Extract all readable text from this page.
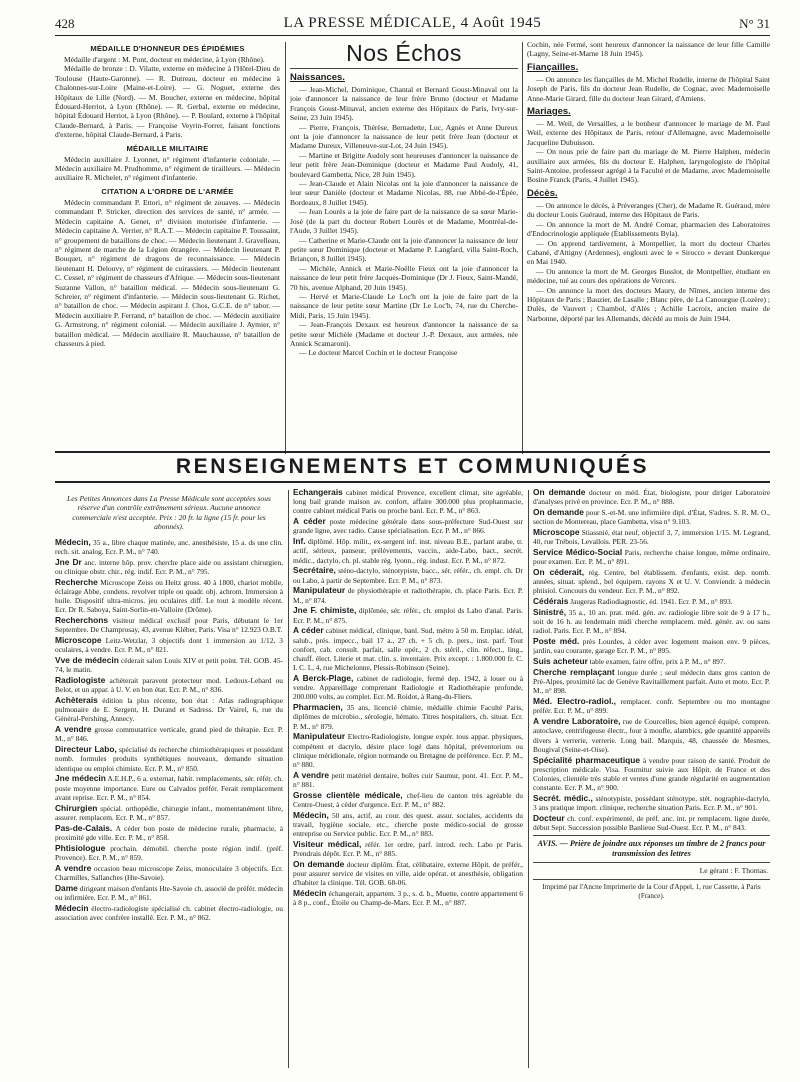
428	LA PRESSE MÉDICALE, 4 Août 1945	N° 31
MÉDAILLE D'HONNEUR DES ÉPIDÉMIES

Médaille d'argent : M. Pont, docteur en médecine, à Lyon (Rhône).

Médaille de bronze : D. Vilatte, externe en médecine à l'Hôtel-Dieu de Toulouse (Haute-Garonne). — R. Dutreau, docteur en médecine à Chalonnes-sur-Loire (Maine-et-Loire). — G. Noguet, externe des Hôpitaux de Lille (Nord). — M. Boucher, externe en médecine, hôpital Édouard-Herriot, à Lyon (Rhône). — R. Gerbal, externe en médecine, hôpital Édouard Herriot, à Lyon (Rhône). — P. Boulard, externe à l'hôpital Claude-Bernard, à Paris. — Françoise Veyrin-Forrer, faisant fonctions d'externe, hôpital Claude-Bernard, à Paris.

MÉDAILLE MILITAIRE

Médecin auxiliaire J. Lyonnet, n° régiment d'infanterie coloniale. — Médecin auxiliaire M. Prudhomme, n° régiment de tirailleurs. — Médecin auxiliaire R. Michelet, n° régiment d'infanterie.

CITATION A L'ORDRE DE L'ARMÉE

Médecin commandant P. Ettori, n° régiment de zouaves. — Médecin commandant P. Stricker, direction des services de santé, n° armée. — Médecin capitaine A. Genet, n° division motorisée d'infanterie. — Médecin capitaine A. Verrier, n° R.A.T. — Médecin capitaine P. Toussaint, n° groupement de bataillons de choc. — Médecin lieutenant J. Gravelleau, n° régiment de marche de la Légion étrangère. — Médecin lieutenant P. Bouquet, n° régiment de dragons de reconnaissance. — Médecin lieutenant H. Delouvy, n° régiment de cuirassiers. — Médecin lieutenant C. Cessel, n° régiment de chasseurs d'Afrique. — Médecin sous-lieutenant Suzanne Vallon, n° bataillon médical. — Médecin sous-lieutenant G. Schreier, n° régiment d'infanterie. — Médecin sous-lieutenant G. Richet, n° bataillon de choc. — Médecin aspirant J. Chos, G.C.E. de n° tabor. — Médecin auxiliaire P. Ferrand, n° bataillon de choc. — Médecin auxiliaire G. Armstrong, n° régiment colonial. — Médecin auxiliaire J. Aymier, n° bataillon médical. — Médecin auxiliaire R. Mauchausse, n° bataillon de chasseurs à pied.

Nos Échos
Naissances.

— Jean-Michel, Dominique, Chantal et Bernard Goust-Minaval ont la joie d'annoncer la naissance de leur frère Bruno (docteur et Madame François Goust-Minaval, ancien externe des Hôpitaux de Paris, Ivry-sur-Seine, 23 Juin 1945).

— Pierre, François, Thérèse, Bernadette, Luc, Agnès et Anne Dureux ont la joie d'annoncer la naissance de leur petit frère Jean (docteur et Madame Dureux, Villeneuve-sur-Lot, 24 Juin 1945).

— Martine et Brigitte Audoly sont heureuses d'annoncer la naissance de leur petit frère Jean-Dominique (docteur et Madame Paul Audoly, 41, boulevard Gambetta, Nice, 28 Juin 1945).

— Jean-Claude et Alain Nicolas ont la joie d'annoncer la naissance de leur sœur Danièle (docteur et Madame Nicolas, 88, rue Abbé-de-l'Épée, Bordeaux, 8 Juillet 1945).

— Jean Lourès a la joie de faire part de la naissance de sa sœur Marie-José (de la part du docteur Robert Lourès et de Madame, Montréal-de-l'Aude, 3 Juillet 1945).

— Catherine et Marie-Claude ont la joie d'annoncer la naissance de leur petite sœur Dominique (docteur et Madame P. Langfard, villa Saint-Roch, Briançon, 8 Juillet 1945).

— Michèle, Annick et Marie-Noëlle Fieux ont la joie d'annoncer la naissance de leur petit frère Jacques-Dominique (Dr J. Fieux, Saint-Mandé, 70 bis, avenue Alphand, 20 Juin 1945).

— Hervé et Marie-Claude Le Loc'h ont la joie de faire part de la naissance de leur petite sœur Martine (Dr Le Loc'h, 74, rue du Cherche-Midi, Paris, 15 Juin 1945).

— Jean-François Dexaux est heureux d'annoncer la naissance de sa petite sœur Michèle (Madame et docteur J.-P. Dexaux, aux armées, née Annick Scamaroni).

— Le docteur Marcel Cochin et le docteur Françoise

Cochin, née Fermé, sont heureux d'annoncer la naissance de leur fille Camille (Lagny, Seine-et-Marne 18 Juin 1945).

Fiançailles.

— On annonce les fiançailles de M. Michel Rudelle, interne de l'hôpital Saint Joseph de Paris, fils du docteur Jean Rudelle, de Cognac, avec Mademoiselle Anne-Marie Girard, fille du docteur Jean Girard, d'Amiens.

Mariages.

— M. Weil, de Versailles, a le bonheur d'annoncer le mariage de M. Paul Weil, externe des Hôpitaux de Paris, retour d'Allemagne, avec Mademoiselle Jacqueline Dubuisson.

— On nous prie de faire part du mariage de M. Pierre Halphen, médecin auxiliaire aux armées, fils du docteur E. Halphen, laryngologiste de l'hôpital Saint-Antoine, professeur agrégé à la Faculté et de Madame, avec Mademoiselle Bosine Franck (Paris, 4 Juillet 1945).

Décès.

— On annonce le décès, à Préveranges (Cher), de Madame R. Guéraud, mère du docteur Louis Guéraud, interne des Hôpitaux de Paris.

— On annonce la mort de M. André Comar, pharmacien des Laboratoires d'Endocrinologie appliquée (Établissements Byla).

— On apprend tardivement, à Montpellier, la mort du docteur Charles Cabanè, d'Attigny (Ardennes), englouti avec le « Sirocco » devant Dunkerque en Mai 1940.

— On annonce la mort de M. Georges Busslot, de Montpellier, étudiant en médecine, tué au cours des opérations de Vercors.

— On annonce la mort des docteurs Maury, de Nîmes, ancien interne des Hôpitaux de Paris ; Bauzier, de Lasalle ; Blanc père, de La Canourgue (Lozère) ; Dulès, de Vauvert ; Chambol, d'Alès ; Achille Lacroix, ancien maire de Narbonne, déporté par les Allemands, décédé au mois de Juin 1944.

RENSEIGNEMENTS ET COMMUNIQUÉS
Les Petites Annonces dans La Presse Médicale sont acceptées sous réserve d'un contrôle extrêmement sérieux. Aucune annonce commerciale n'est acceptée. Prix : 20 fr. la ligne (15 fr. pour les abonnés).

Médecin, 35 a., libre chaque matinée, anc. anesthésiste, 15 a. ds une clin. rech. sit. analog. Ecr. P. M., n° 740.

Jne Dr anc. interne hôp. prov. cherche place aide ou assistant chirurgien, ou clinique obstr. chir., rég. indif. Ecr. P. M., n° 795.

Recherche Microscope Zeiss ou Heitz gross. 40 à 1800, chariot mobile, éclairage Abbe, condens. revolver triple ou quadr. obj. achrom. Immersion à huile. Dispositif ultra-micros. jeu oculaires diff. Le tout à modèle récent. Ecr. Dr R. Saboya, Saint-Sorlin-en-Valloire (Drôme).

Recherchons visiteur médical exclusif pour Paris, débutant le 1er Septembre. De Champrosay, 43, avenue Kléber, Paris. Visa n° 12.923 O.B.T.

Microscope Leitz-Wetzlar, 3 objectifs dont 1 immersion au 1/12, 3 oculaires, à vendre. Ecr. P. M., n° 821.

Vve de médecin céderait salon Louis XIV et petit point. Tél. GOB. 45-74, le matin.

Radiologiste achèterait paravent protecteur mod. Ledoux-Lebard ou Belot, et un appar. à U. V. en bon état. Ecr. P. M., n° 836.

Achèterais édition la plus récente, bon état : Atlas radiographique pulmonaire de E. Sergent, H. Durand et Sadress. Dr Vairel, 6, rue du Général-Pershing, Annecy.

A vendre grosse commutatrice verticale, grand pied de thérapie. Ecr. P. M., n° 846.

Directeur Labo, spécialisé ds recherche chimiothérapiques et possédant nomb. formules produits synthétiques nouveaux, demande situation identique ou emploi chimiste. Ecr. P. M., n° 850.

Jne médecin A.E.H.P., 6 a. externat, habit. remplacements, sér. référ. ch. poste moyenne importance. Eure ou Calvados préfér. Ferait remplacement avant reprise. Ecr. P. M., n° 854.

Chirurgien spécial. orthopédie, chirurgie infant., momentanément libre, assurer. remplacem. Ecr. P. M., n° 857.

Pas-de-Calais. A céder bon poste de médecine rurale, pharmacie, à proximité gde ville. Ecr. P. M., n° 858.

Phtisiologue prochain. démobil. cherche poste région indif. (préf. Provence). Ecr. P. M., n° 859.

A vendre occasion beau microscope Zeiss, monoculaire 3 objectifs. Ecr. Charmilles, Sallanches (Hte-Savoie).

Dame dirigeant maison d'enfants Hte-Savoie ch. associé de préfér. médecin ou infirmière. Ecr. P. M., n° 861.

Médecin électro-radiologiste spécialisé ch. cabinet électro-radiologie, ou association avec confrère installé. Ecr. P. M., n° 862.

Echangerais cabinet médical Provence, excellent climat, site agréable, long bail grande maison av. confort, affaire 300.000 plus prophanmacie, contre cabinet médical Paris ou proche banl. Ecr. P. M., n° 863.

A céder poste médecine générale dans sous-préfecture Sud-Ouest sur grande ligne, avec radio. Cause spécialisation. Ecr. P. M., n° 866.

Inf. diplômé. Hôp. milit., ex-sergent inf. inst. niveau B.E., parlant arabe, tr. actif, sérieux, panseur, prélèvements, vaccin., aide-Labo, bact., secrét. médic., dactylo, ch. pl. stable rég. lyonn., rég. indust. Ecr. P. M., n° 872.

Secrétaire, sténo-dactylo, sténotypiste, bacc., sér. référ., ch. empl. ch. Dr ou Labo, à partir de Septembre. Ecr. P. M., n° 873.

Manipulateur de physiothérapie et radiothérapie, ch. place Paris. Ecr. P. M., n° 874.

Jne F. chimiste, diplômée, sér. référ., ch. emploi ds Labo d'anal. Paris. Ecr. P. M., n° 875.

A céder cabinet médical, clinique, banl. Sud, métro à 50 m. Emplac. idéal, salub., prés. impecc., bail 17 a., 27 ch. + 5 ch. p. pers., inst. parf. Tout confort, cab. consult. parfait, salle opér., 2 ch. stéril., clin. réfect., ling., chauff. élect. Literie et mat. clin. s. inventaire. Prix except. : 1.800.000 fr. C. I. C. I., 4, rue Michelonne, Plessis-Robinson (Seine).

A Berck-Plage, cabinet de radiologie, fermé dep. 1942, à louer ou à vendre. Appareillage comprenant Radiologie et Radiothérapie profonde, 200.000 volts, au complet. Ecr. M. Roidot, à Rang-du-Fliers.

Pharmacien, 35 ans, licencié chimie, médaille chimie Faculté Paris, diplômes de microbio., sérologie, hémato. Titres hospitaliers, ch. situat. Ecr. P. M., n° 879.

Manipulateur Electro-Radiologiste, longue expér. tous appar. physiques, compétent et dactylo, désire place logé dans hôpital, préventorium ou clinique méridionale, région normande ou Bretagne de préférence. Ecr. P. M., n° 880.

A vendre petit matériel dentaire, boîtes cuir Saumur, pont. 41. Ecr. P. M., n° 881.

Grosse clientèle médicale, chef-lieu de canton très agréable du Centre-Ouest, à céder d'urgence. Ecr. P. M., n° 882.

Médecin, 50 ans, actif, au cour. des quest. assur. sociales, accidents du travail, hygiène sociale, etc., cherche poste médico-social de grosse entreprise ou Service public. Ecr. P. M., n° 883.

Visiteur médical, référ. 1er ordre, parf. introd. rech. Labo pr Paris. Prendrais dépôt. Ecr. P. M., n° 885.

On demande docteur diplôm. État, célibataire, externe Hôpit. de préfér., pour assurer service de visites en ville, aide opérat. et anesthésie, obligation d'habiter la clinique. Tél. GOB. 68-06.

Médecin échangerait, appartem. 3 p., s. d. b., Muette, contre appartement 6 à 8 p., conf., Étoile ou Champ-de-Mars. Ecr. P. M., n° 887.

On demande docteur en méd. État, biologiste, pour diriger Laboratoire d'analyses privé en province. Ecr. P. M., n° 888.

On demande pour S.-et-M. une infirmière dipl. d'État, S'adres. S. R. M. O., section de Montereau, place Gambetta, visa n° 9.103.

Microscope Stiassnié, état neuf, objectif 3, 7, immersion 1/15. M. Legrand, 40, rue Trébois, Levallois. PER. 23-56.

Service Médico-Social Paris, recherche chaise longue, même ordinaire, pour examen. Ecr. P. M., n° 891.

On céderait, rég. Centre, bel établissem. d'enfants, exist. dep. nomb. années, situat. splend., bel équipem. rayons X et U. V. Conviendr. à médecin phtisiol. Concours du vendeur. Ecr. P. M., n° 892.

Cédérais Jaugeras Radiodiagnostic, éd. 1941. Ecr. P. M., n° 893.

Sinistré, 35 a., 10 an. prat. méd. gén. av. radiologie libre soit de 9 à 17 h., soit de 16 h. au lendemain midi cherche remplacem. méd. génér. av. ou sans radiol. Paris. Ecr. P. M., n° 894.

Poste méd. près Lourdes, à céder avec logement maison env. 9 pièces, jardin, eau courante, garage Ecr. P. M., n° 895.

Suis acheteur table examen, faire offre, prix à P. M., n° 897.

Cherche remplaçant longue durée ; seul médecin dans gros canton de Pré-Alpes, proximité lac de Genève Ravitaillement parfait. Auto et moto. Ecr. P. M., n° 898.

Méd. Electro-radiol., remplacer. confr. Septembre ou mo montagne préfér. Ecr. P. M., n° 899.

A vendre Laboratoire, rue de Courcelles, bien agencé équipé, compren. autoclave, centrifugeuse électr., four à moufle, alambics, gde quantité appareils divers à verrerie, verrerie. Long bail. Marquis, 48, chaussée de Mesmes, Bougival (Seine-et-Oise).

Spécialité pharmaceutique à vendre pour raison de santé. Produit de prescription médicale. Visa. Fournitur suivie aux Hôpit. de France et des Colonies, clientèle très stable et ventes d'une grande régularité en augmentation constante. Ecr. P. M., n° 900.

Secrét. médic., sténotypiste, possédant sténotype, stét. nographie-dactylo, 3 ans pratique import. clinique, recherche situation Paris. Ecr. P. M., n° 901.

Docteur ch. conf. expérimenté, de préf. anc. int. pr remplacem. ligne durée, début Sept. Succession possible Banlieue Sud-Ouest. Ecr. P. M., n° 843.

AVIS. — Prière de joindre aux réponses un timbre de 2 francs pour transmission des lettres
Le gérant : F. Thomas.
Imprimé par l'Ancne Imprimerie de la Cour d'Appel, 1, rue Cassette, à Paris (France).
